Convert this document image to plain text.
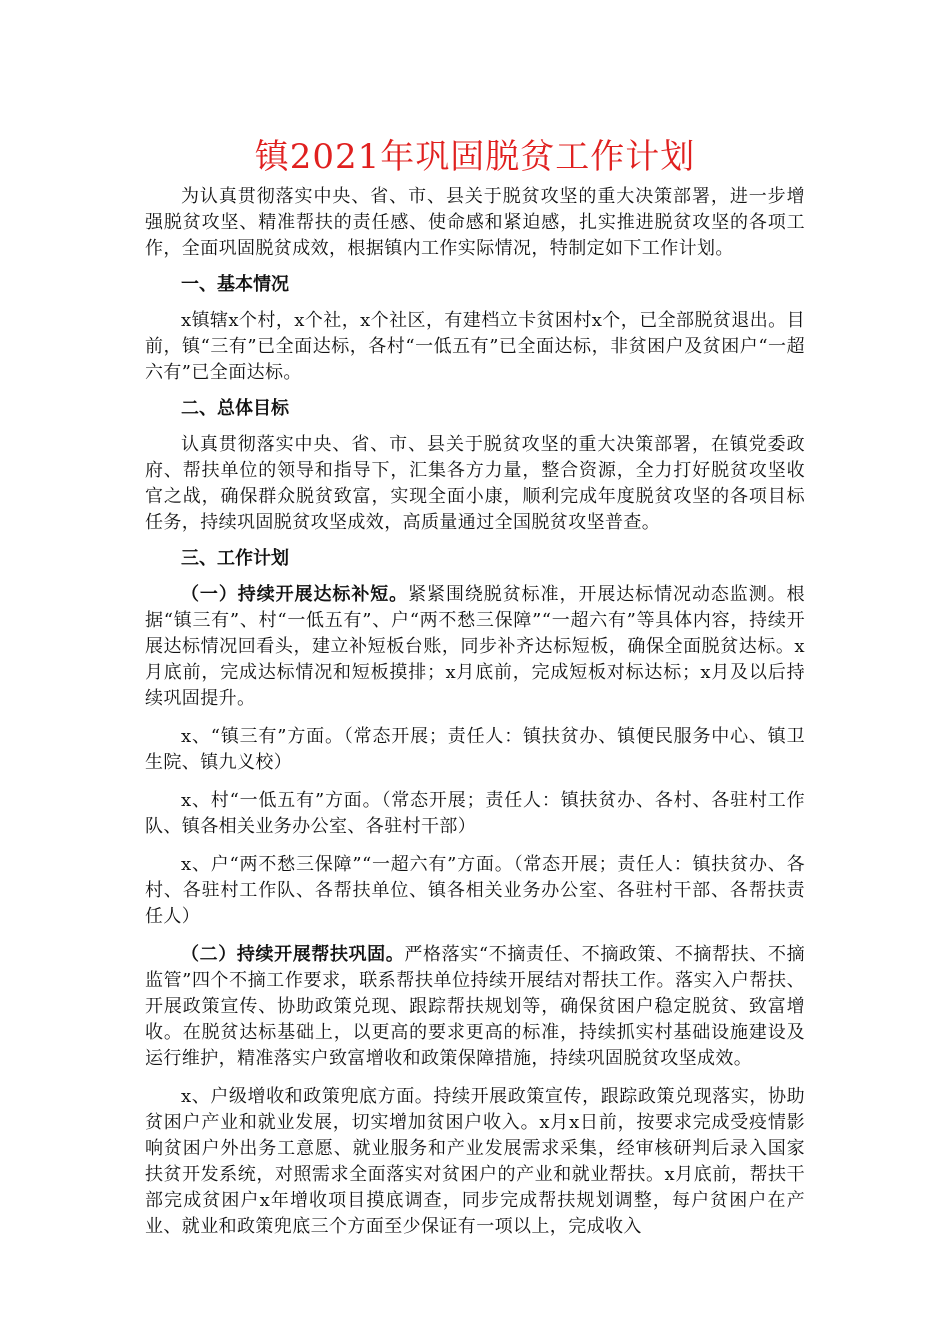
镇2021年巩固脱贫工作计划

为认真贯彻落实中央、省、市、县关于脱贫攻坚的重大决策部署，进一步增强脱贫攻坚、精准帮扶的责任感、使命感和紧迫感，扎实推进脱贫攻坚的各项工作，全面巩固脱贫成效，根据镇内工作实际情况，特制定如下工作计划。

一、基本情况

x镇辖x个村，x个社，x个社区，有建档立卡贫困村x个，已全部脱贫退出。目前，镇“三有”已全面达标，各村“一低五有”已全面达标，非贫困户及贫困户“一超六有”已全面达标。

二、总体目标

认真贯彻落实中央、省、市、县关于脱贫攻坚的重大决策部署，在镇党委政府、帮扶单位的领导和指导下，汇集各方力量，整合资源，全力打好脱贫攻坚收官之战，确保群众脱贫致富，实现全面小康，顺利完成年度脱贫攻坚的各项目标任务，持续巩固脱贫攻坚成效，高质量通过全国脱贫攻坚普查。

三、工作计划

（一）持续开展达标补短。紧紧围绕脱贫标准，开展达标情况动态监测。根据“镇三有”、村“一低五有”、户“两不愁三保障”“一超六有”等具体内容，持续开展达标情况回看头，建立补短板台账，同步补齐达标短板，确保全面脱贫达标。x月底前，完成达标情况和短板摸排；x月底前，完成短板对标达标；x月及以后持续巩固提升。

x、“镇三有”方面。（常态开展；责任人：镇扶贫办、镇便民服务中心、镇卫生院、镇九义校）

x、村“一低五有”方面。（常态开展；责任人：镇扶贫办、各村、各驻村工作队、镇各相关业务办公室、各驻村干部）

x、户“两不愁三保障”“一超六有”方面。（常态开展；责任人：镇扶贫办、各村、各驻村工作队、各帮扶单位、镇各相关业务办公室、各驻村干部、各帮扶责任人）

（二）持续开展帮扶巩固。严格落实“不摘责任、不摘政策、不摘帮扶、不摘监管”四个不摘工作要求，联系帮扶单位持续开展结对帮扶工作。落实入户帮扶、开展政策宣传、协助政策兑现、跟踪帮扶规划等，确保贫困户稳定脱贫、致富增收。在脱贫达标基础上，以更高的要求更高的标准，持续抓实村基础设施建设及运行维护，精准落实户致富增收和政策保障措施，持续巩固脱贫攻坚成效。

x、户级增收和政策兜底方面。持续开展政策宣传，跟踪政策兑现落实，协助贫困户产业和就业发展，切实增加贫困户收入。x月x日前，按要求完成受疫情影响贫困户外出务工意愿、就业服务和产业发展需求采集，经审核研判后录入国家扶贫开发系统，对照需求全面落实对贫困户的产业和就业帮扶。x月底前，帮扶干部完成贫困户x年增收项目摸底调查，同步完成帮扶规划调整，每户贫困户在产业、就业和政策兜底三个方面至少保证有一项以上，完成收入
